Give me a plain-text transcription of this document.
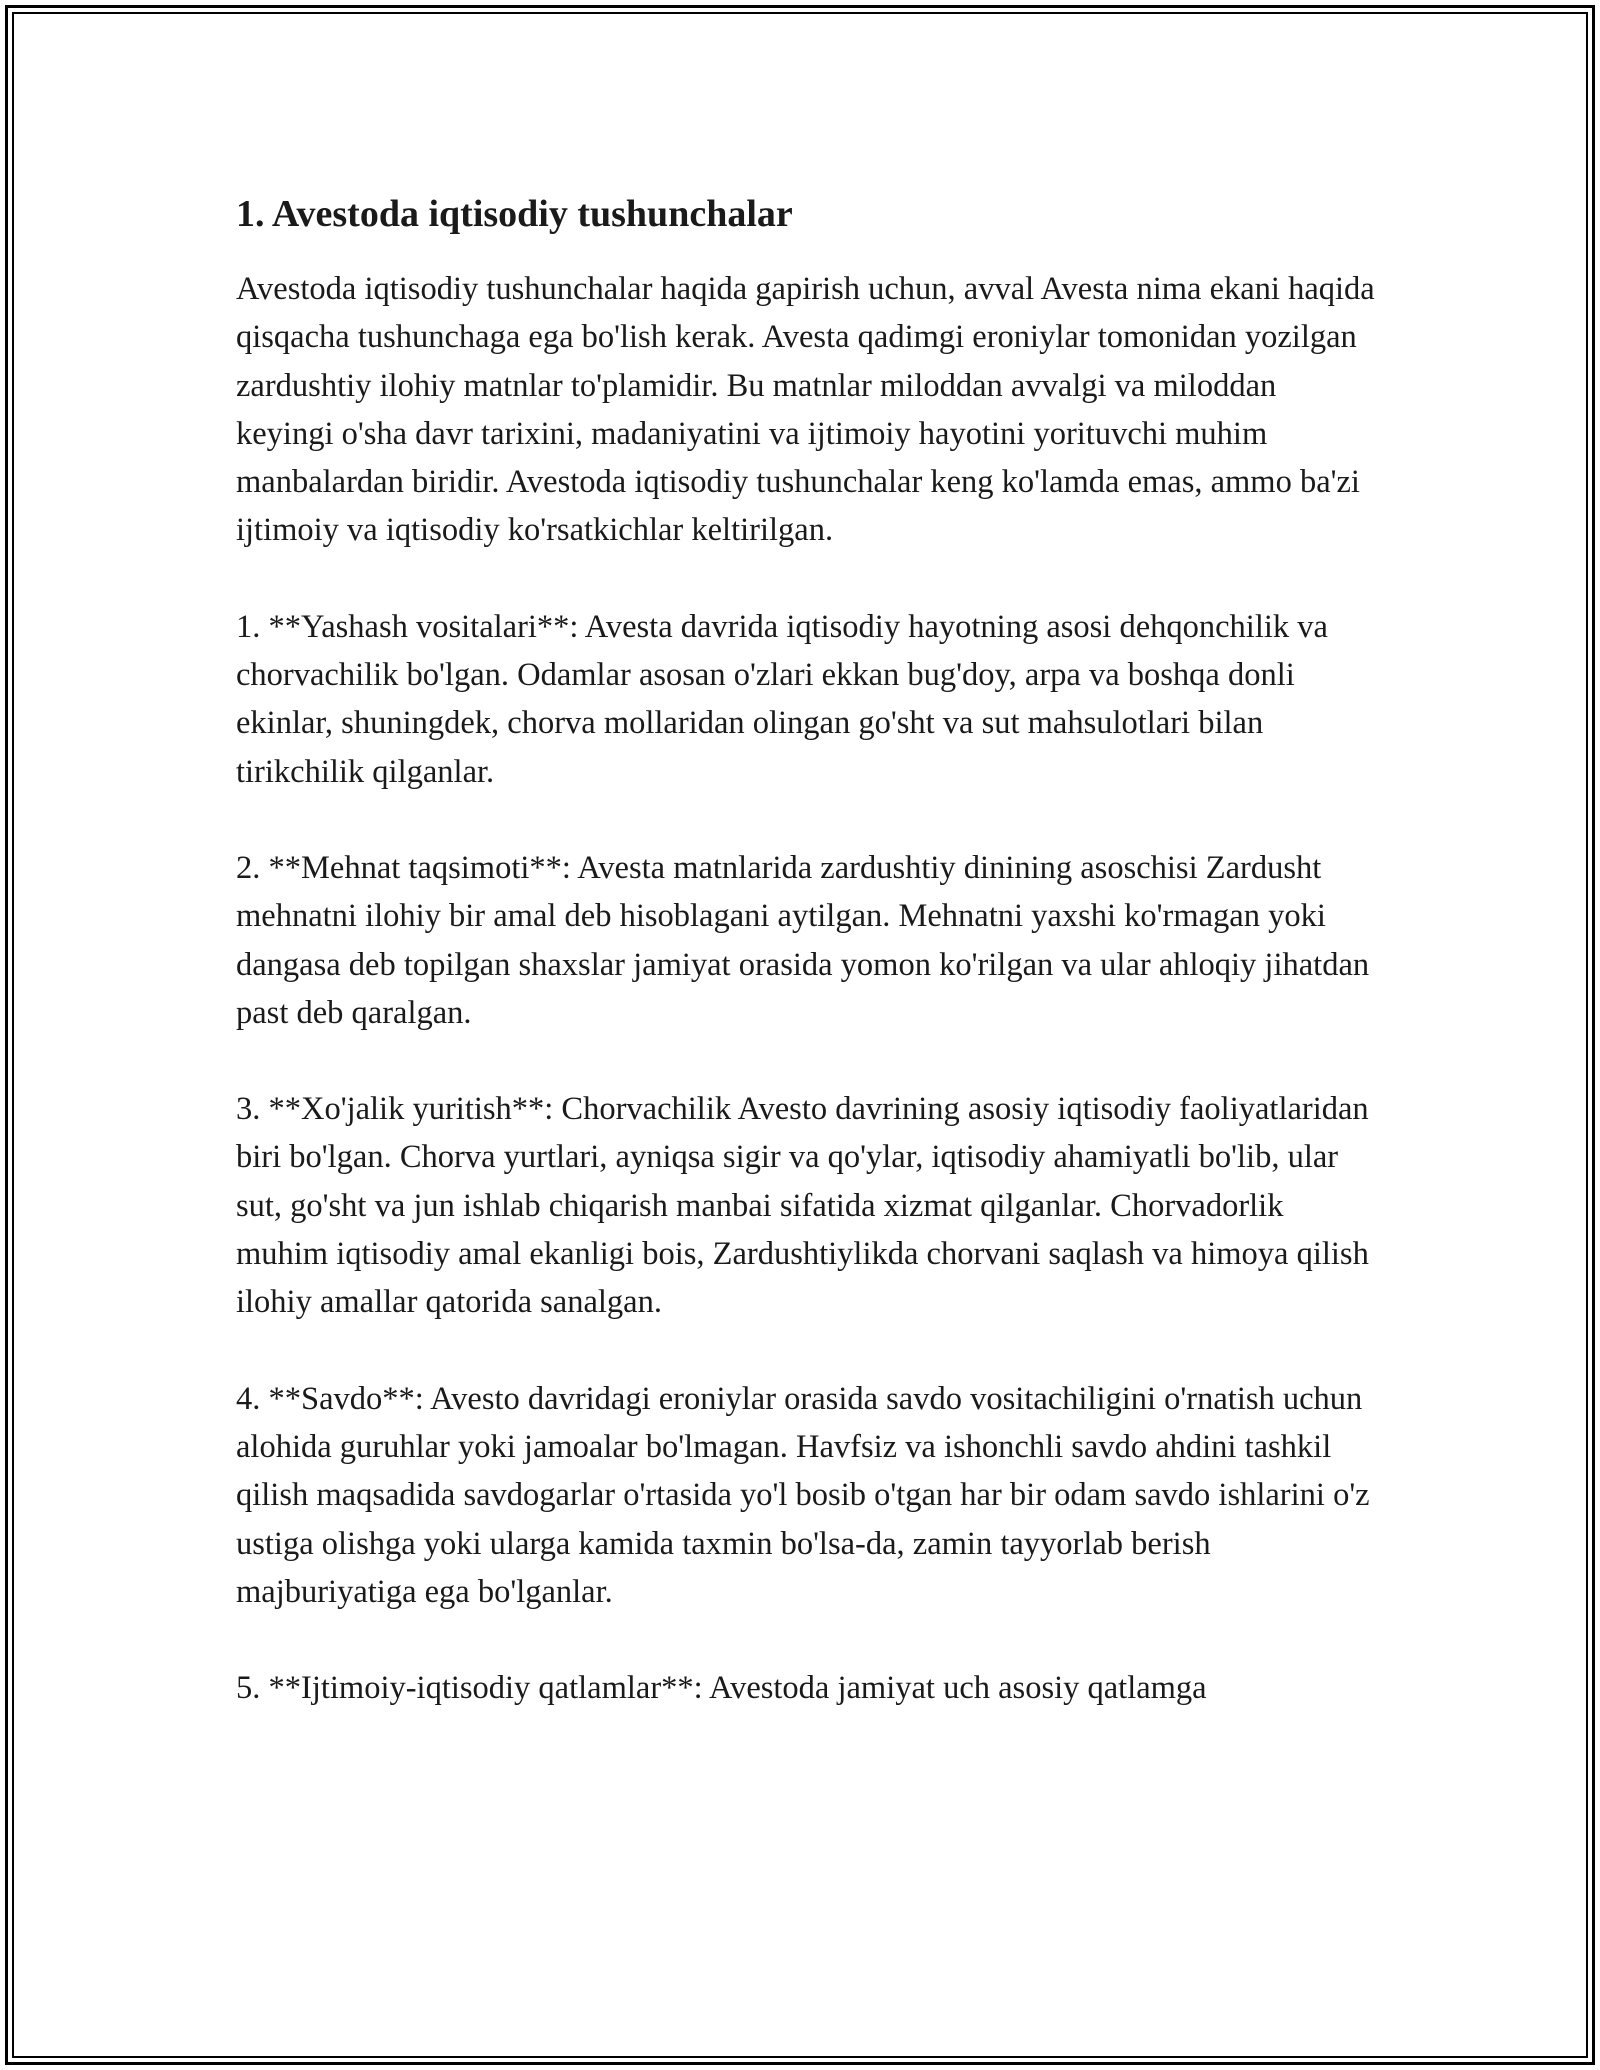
1. Avestoda iqtisodiy tushunchalar

Avestoda iqtisodiy tushunchalar haqida gapirish uchun, avval Avesta nima ekani haqida qisqacha tushunchaga ega bo'lish kerak. Avesta qadimgi eroniylar tomonidan yozilgan zardushtiy ilohiy matnlar to'plamidir. Bu matnlar miloddan avvalgi va miloddan keyingi o'sha davr tarixini, madaniyatini va ijtimoiy hayotini yorituvchi muhim manbalardan biridir. Avestoda iqtisodiy tushunchalar keng ko'lamda emas, ammo ba'zi ijtimoiy va iqtisodiy ko'rsatkichlar keltirilgan.

1. **Yashash vositalari**: Avesta davrida iqtisodiy hayotning asosi dehqonchilik va chorvachilik bo'lgan. Odamlar asosan o'zlari ekkan bug'doy, arpa va boshqa donli ekinlar, shuningdek, chorva mollaridan olingan go'sht va sut mahsulotlari bilan tirikchilik qilganlar.

2. **Mehnat taqsimoti**: Avesta matnlarida zardushtiy dinining asoschisi Zardusht mehnatni ilohiy bir amal deb hisoblagani aytilgan. Mehnatni yaxshi ko'rmagan yoki dangasa deb topilgan shaxslar jamiyat orasida yomon ko'rilgan va ular ahloqiy jihatdan past deb qaralgan.

3. **Xo'jalik yuritish**: Chorvachilik Avesto davrining asosiy iqtisodiy faoliyatlaridan biri bo'lgan. Chorva yurtlari, ayniqsa sigir va qo'ylar, iqtisodiy ahamiyatli bo'lib, ular sut, go'sht va jun ishlab chiqarish manbai sifatida xizmat qilganlar. Chorvadorlik muhim iqtisodiy amal ekanligi bois, Zardushtiylikda chorvani saqlash va himoya qilish ilohiy amallar qatorida sanalgan.

4. **Savdo**: Avesto davridagi eroniylar orasida savdo vositachiligini o'rnatish uchun alohida guruhlar yoki jamoalar bo'lmagan. Havfsiz va ishonchli savdo ahdini tashkil qilish maqsadida savdogarlar o'rtasida yo'l bosib o'tgan har bir odam savdo ishlarini o'z ustiga olishga yoki ularga kamida taxmin bo'lsa-da, zamin tayyorlab berish majburiyatiga ega bo'lganlar.

5. **Ijtimoiy-iqtisodiy qatlamlar**: Avestoda jamiyat uch asosiy qatlamga
